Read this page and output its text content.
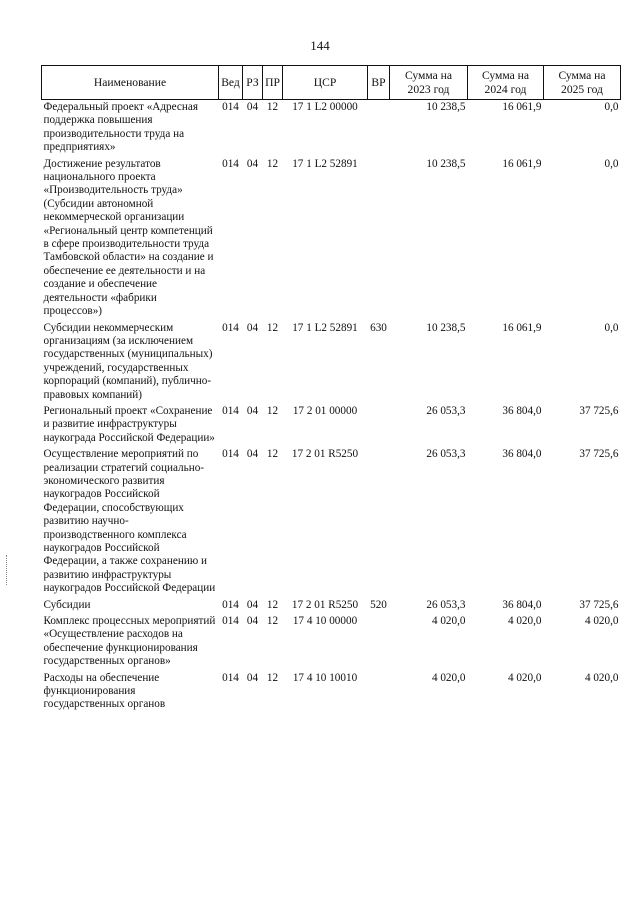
144
Наименование	Вед	РЗ	ПР	ЦСР	ВР	Сумма на 2023 год	Сумма на 2024 год	Сумма на 2025 год
Федеральный проект «Адресная поддержка повышения производительности труда на предприятиях»	014	04	12	17 1 L2 00000		10 238,5	16 061,9	0,0
Достижение результатов национального проекта «Производительность труда» (Субсидии автономной некоммерческой организации «Региональный центр компетенций в сфере производительности труда Тамбовской области» на создание и обеспечение ее деятельности и на создание и обеспечение деятельности «фабрики процессов»)	014	04	12	17 1 L2 52891		10 238,5	16 061,9	0,0
Субсидии некоммерческим организациям (за исключением государственных (муниципальных) учреждений, государственных корпораций (компаний), публично-правовых компаний)	014	04	12	17 1 L2 52891	630	10 238,5	16 061,9	0,0
Региональный проект «Сохранение и развитие инфраструктуры наукограда Российской Федерации»	014	04	12	17 2 01 00000		26 053,3	36 804,0	37 725,6
Осуществление мероприятий по реализации стратегий социально-экономического развития наукоградов Российской Федерации, способствующих развитию научно-производственного комплекса наукоградов Российской Федерации, а также сохранению и развитию инфраструктуры наукоградов Российской Федерации	014	04	12	17 2 01 R5250		26 053,3	36 804,0	37 725,6
Субсидии	014	04	12	17 2 01 R5250	520	26 053,3	36 804,0	37 725,6
Комплекс процессных мероприятий «Осуществление расходов на обеспечение функционирования государственных органов»	014	04	12	17 4 10 00000		4 020,0	4 020,0	4 020,0
Расходы на обеспечение функционирования государственных органов	014	04	12	17 4 10 10010		4 020,0	4 020,0	4 020,0
